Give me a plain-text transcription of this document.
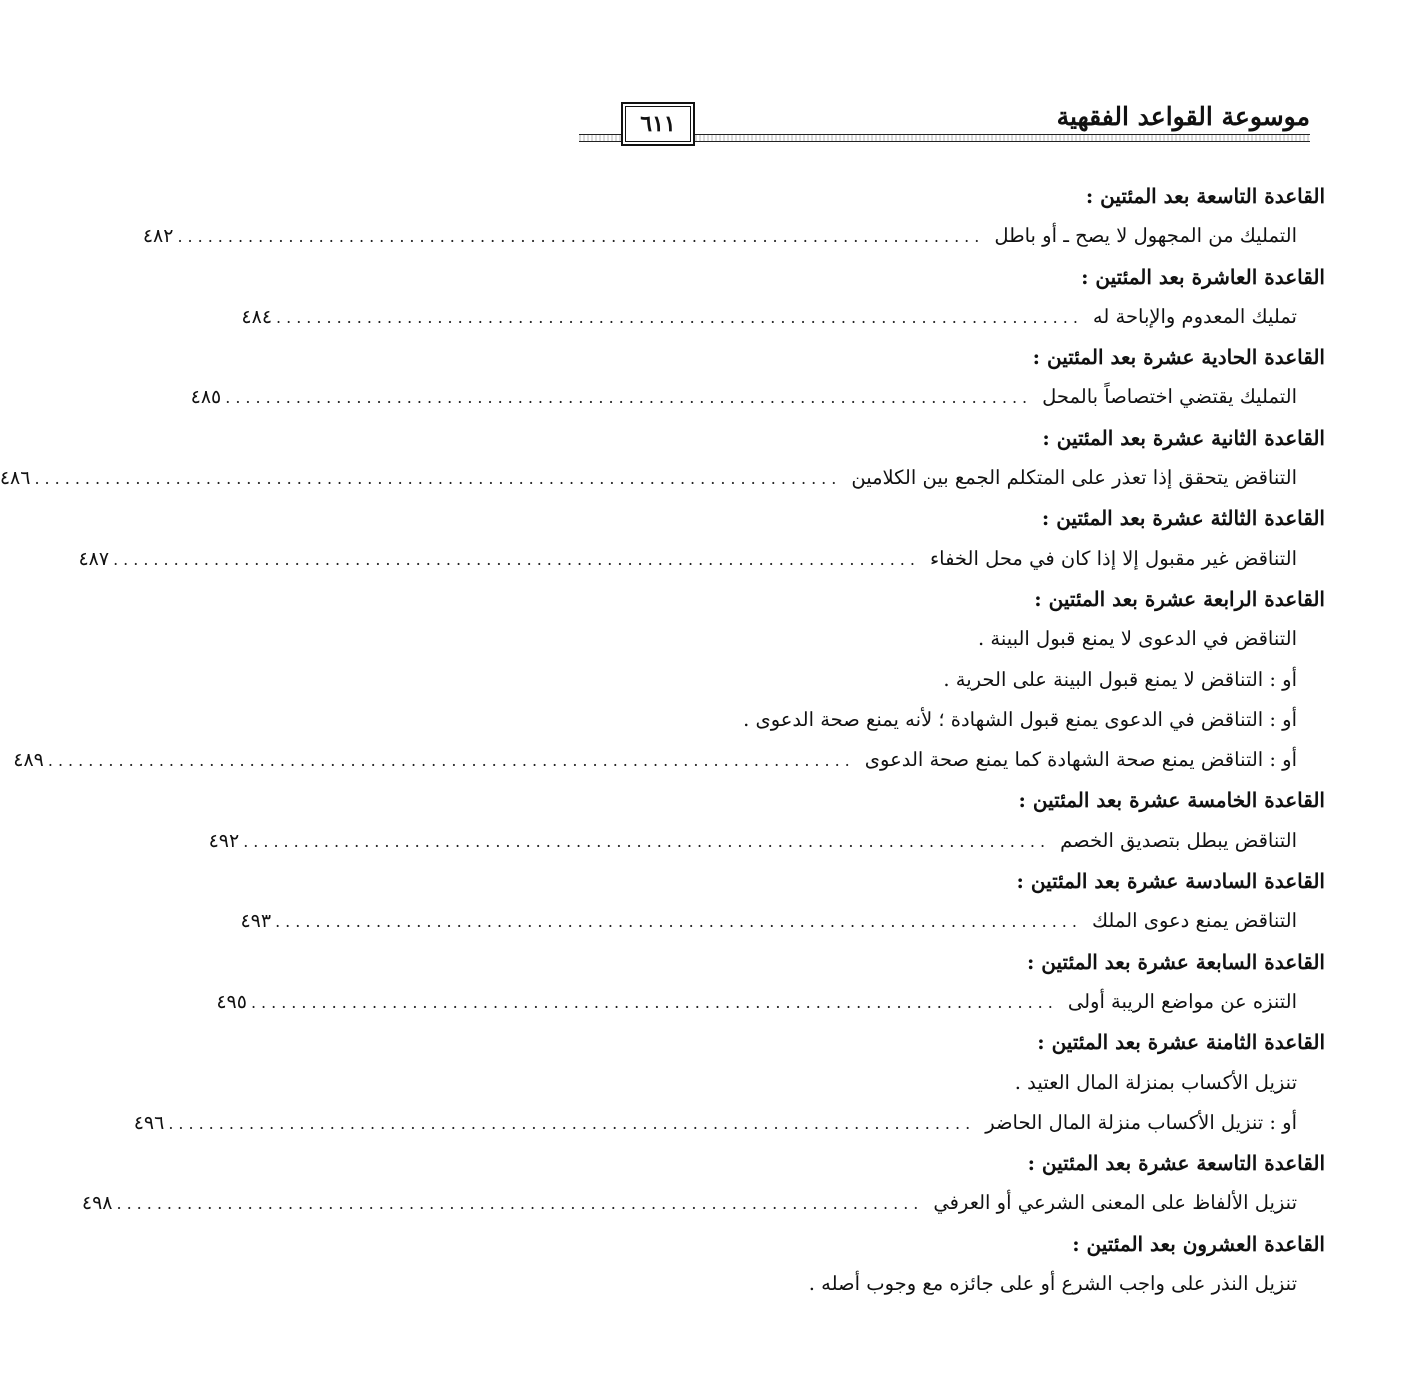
موسوعة القواعد الفقهية
٦١١
القاعدة التاسعة بعد المئتين :
التمليك من المجهول لا يصح ـ أو باطل
................................................................................
٤٨٢
القاعدة العاشرة بعد المئتين :
تمليك المعدوم والإباحة له
................................................................................
٤٨٤
القاعدة الحادية عشرة بعد المئتين :
التمليك يقتضي اختصاصاً بالمحل
................................................................................
٤٨٥
القاعدة الثانية عشرة بعد المئتين :
التناقض يتحقق إذا تعذر على المتكلم الجمع بين الكلامين
................................................................................
٤٨٦
القاعدة الثالثة عشرة بعد المئتين :
التناقض غير مقبول إلا إذا كان في محل الخفاء
................................................................................
٤٨٧
القاعدة الرابعة عشرة بعد المئتين :
التناقض في الدعوى لا يمنع قبول البينة .
أو : التناقض لا يمنع قبول البينة على الحرية .
أو : التناقض في الدعوى يمنع قبول الشهادة ؛ لأنه يمنع صحة الدعوى .
أو : التناقض يمنع صحة الشهادة كما يمنع صحة الدعوى
................................................................................
٤٨٩
القاعدة الخامسة عشرة بعد المئتين :
التناقض يبطل بتصديق الخصم
................................................................................
٤٩٢
القاعدة السادسة عشرة بعد المئتين :
التناقض يمنع دعوى الملك
................................................................................
٤٩٣
القاعدة السابعة عشرة بعد المئتين :
التنزه عن مواضع الريبة أولى
................................................................................
٤٩٥
القاعدة الثامنة عشرة بعد المئتين :
تنزيل الأكساب بمنزلة المال العتيد .
أو : تنزيل الأكساب منزلة المال الحاضر
................................................................................
٤٩٦
القاعدة التاسعة عشرة بعد المئتين :
تنزيل الألفاظ على المعنى الشرعي أو العرفي
................................................................................
٤٩٨
القاعدة العشرون بعد المئتين :
تنزيل النذر على واجب الشرع أو على جائزه مع وجوب أصله .
